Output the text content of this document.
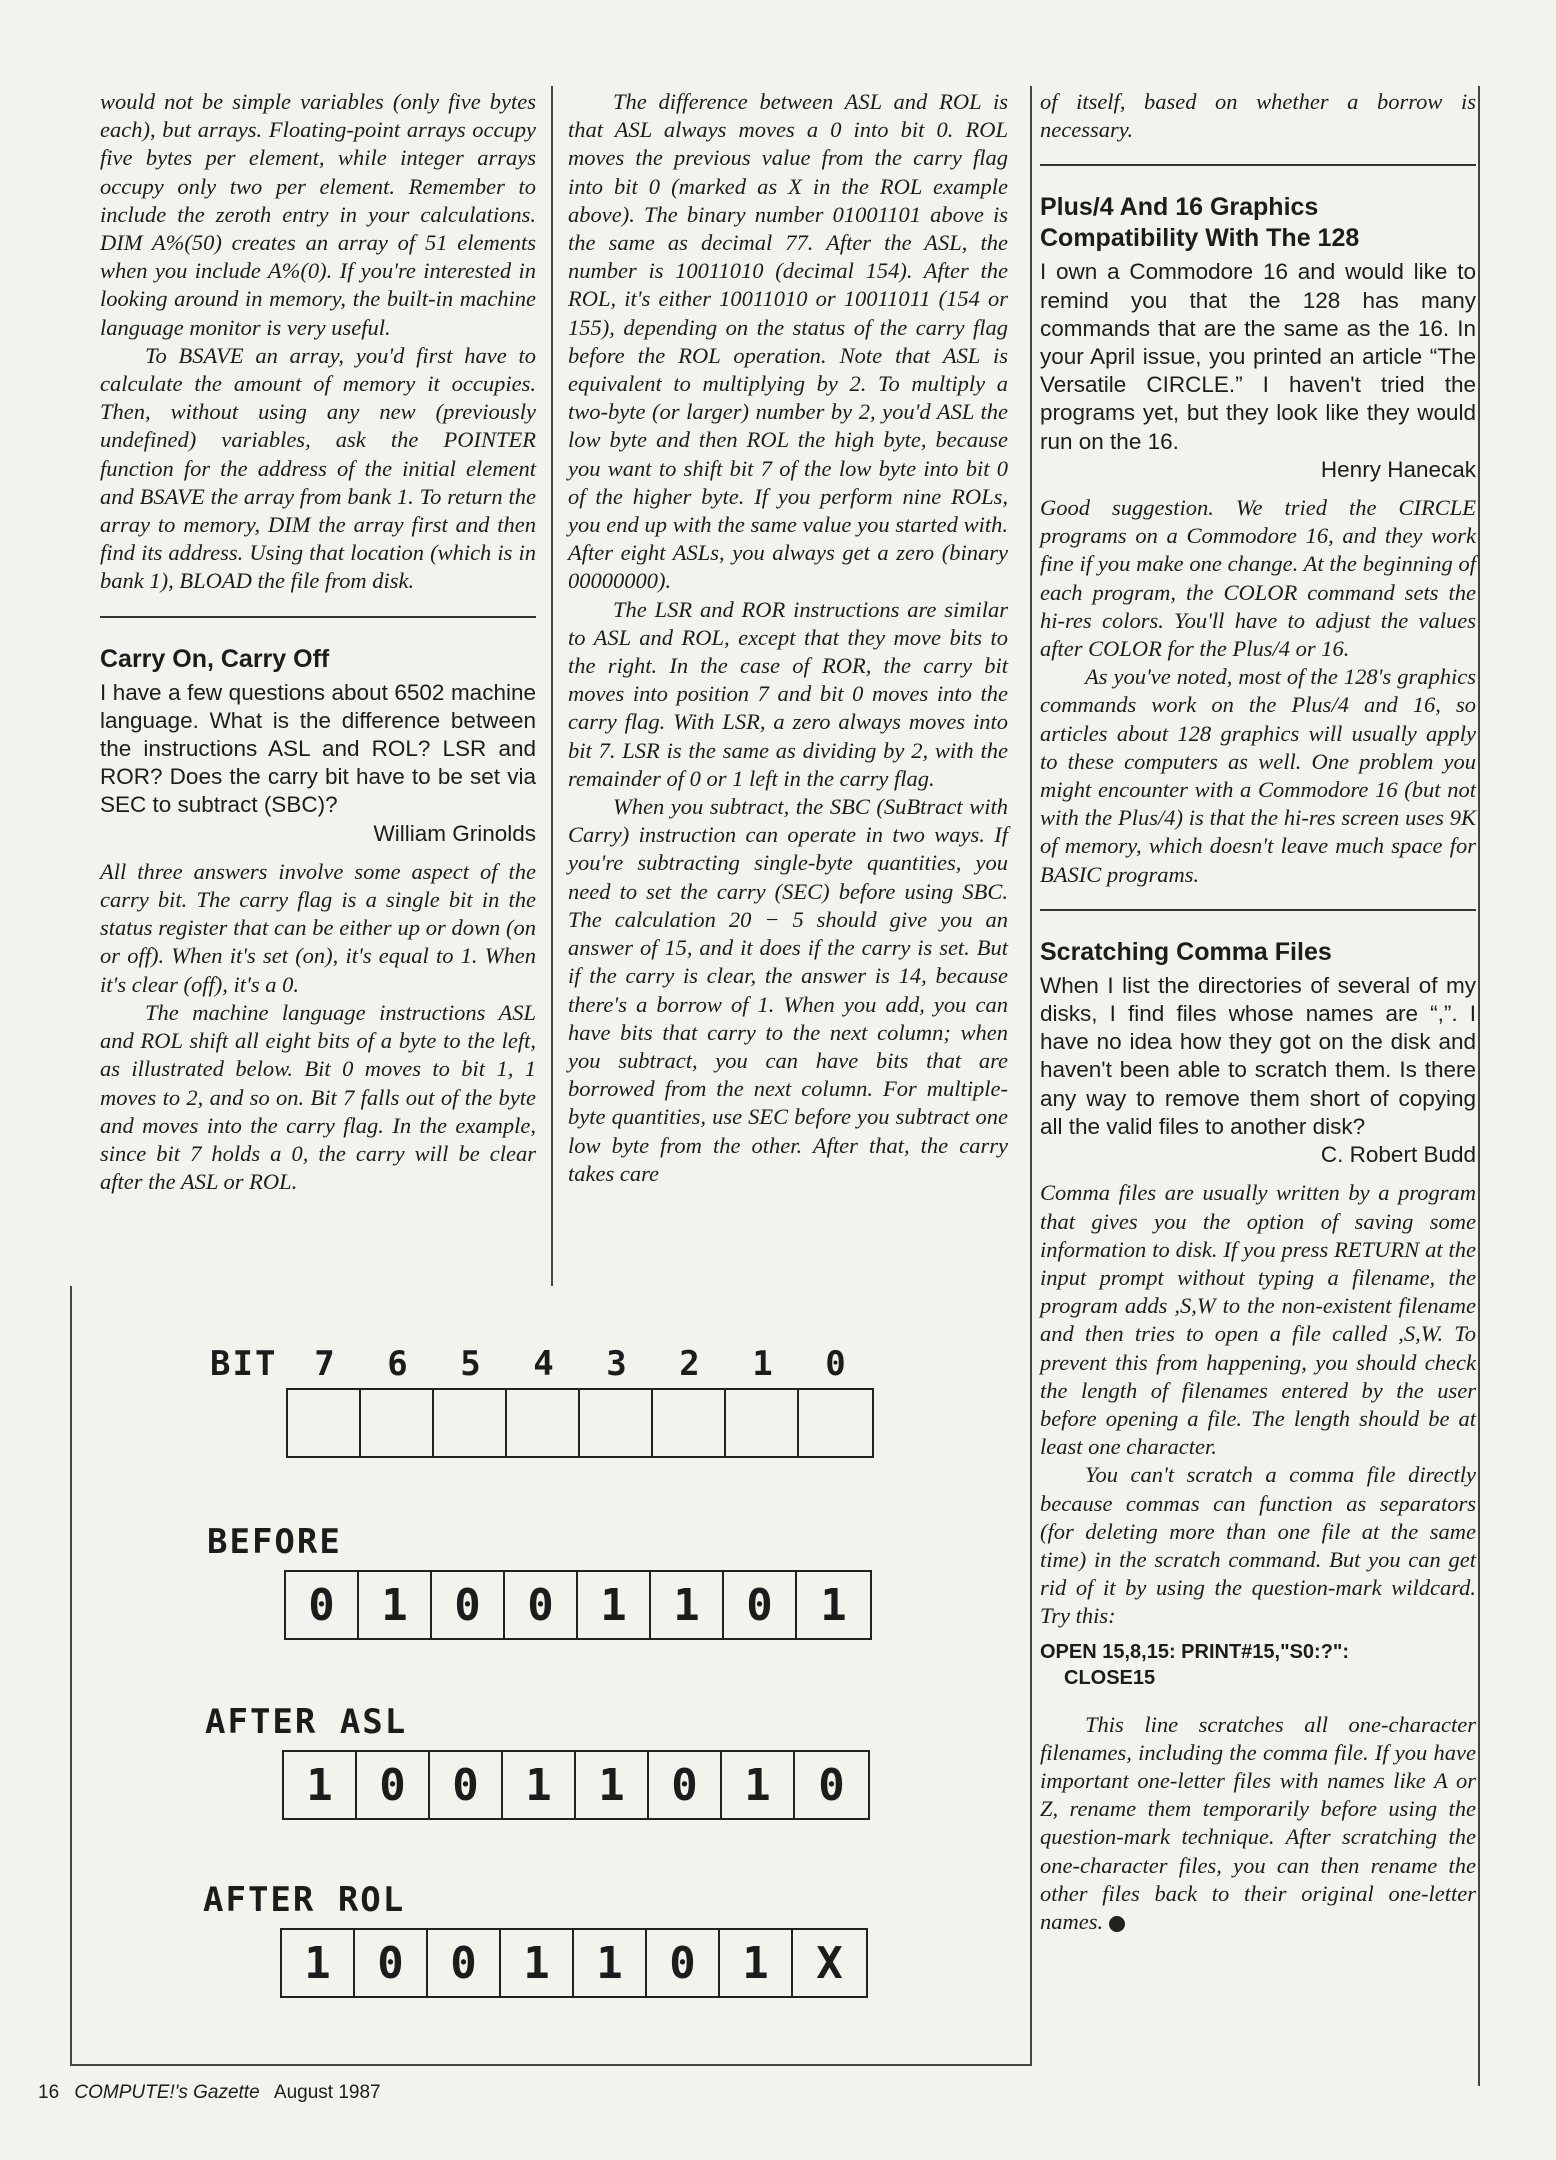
would not be simple variables (only five bytes each), but arrays. Floating-point arrays occupy five bytes per element, while integer arrays occupy only two per element. Remember to include the zeroth entry in your calculations. DIM A%(50) creates an array of 51 elements when you include A%(0). If you're interested in looking around in memory, the built-in machine language monitor is very useful.

To BSAVE an array, you'd first have to calculate the amount of memory it occupies. Then, without using any new (previously undefined) variables, ask the POINTER function for the address of the initial element and BSAVE the array from bank 1. To return the array to memory, DIM the array first and then find its address. Using that location (which is in bank 1), BLOAD the file from disk.

Carry On, Carry Off

I have a few questions about 6502 machine language. What is the difference between the instructions ASL and ROL? LSR and ROR? Does the carry bit have to be set via SEC to subtract (SBC)?

William Grinolds

All three answers involve some aspect of the carry bit. The carry flag is a single bit in the status register that can be either up or down (on or off). When it's set (on), it's equal to 1. When it's clear (off), it's a 0.

The machine language instructions ASL and ROL shift all eight bits of a byte to the left, as illustrated below. Bit 0 moves to bit 1, 1 moves to 2, and so on. Bit 7 falls out of the byte and moves into the carry flag. In the example, since bit 7 holds a 0, the carry will be clear after the ASL or ROL.

The difference between ASL and ROL is that ASL always moves a 0 into bit 0. ROL moves the previous value from the carry flag into bit 0 (marked as X in the ROL example above). The binary number 01001101 above is the same as decimal 77. After the ASL, the number is 10011010 (decimal 154). After the ROL, it's either 10011010 or 10011011 (154 or 155), depending on the status of the carry flag before the ROL operation. Note that ASL is equivalent to multiplying by 2. To multiply a two-byte (or larger) number by 2, you'd ASL the low byte and then ROL the high byte, because you want to shift bit 7 of the low byte into bit 0 of the higher byte. If you perform nine ROLs, you end up with the same value you started with. After eight ASLs, you always get a zero (binary 00000000).

The LSR and ROR instructions are similar to ASL and ROL, except that they move bits to the right. In the case of ROR, the carry bit moves into position 7 and bit 0 moves into the carry flag. With LSR, a zero always moves into bit 7. LSR is the same as dividing by 2, with the remainder of 0 or 1 left in the carry flag.

When you subtract, the SBC (SuBtract with Carry) instruction can operate in two ways. If you're subtracting single-byte quantities, you need to set the carry (SEC) before using SBC. The calculation 20 − 5 should give you an answer of 15, and it does if the carry is set. But if the carry is clear, the answer is 14, because there's a borrow of 1. When you add, you can have bits that carry to the next column; when you subtract, you can have bits that are borrowed from the next column. For multiple-byte quantities, use SEC before you subtract one low byte from the other. After that, the carry takes care

of itself, based on whether a borrow is necessary.

Plus/4 And 16 Graphics Compatibility With The 128

I own a Commodore 16 and would like to remind you that the 128 has many commands that are the same as the 16. In your April issue, you printed an article “The Versatile CIRCLE.” I haven't tried the programs yet, but they look like they would run on the 16.

Henry Hanecak

Good suggestion. We tried the CIRCLE programs on a Commodore 16, and they work fine if you make one change. At the beginning of each program, the COLOR command sets the hi-res colors. You'll have to adjust the values after COLOR for the Plus/4 or 16.

As you've noted, most of the 128's graphics commands work on the Plus/4 and 16, so articles about 128 graphics will usually apply to these computers as well. One problem you might encounter with a Commodore 16 (but not with the Plus/4) is that the hi-res screen uses 9K of memory, which doesn't leave much space for BASIC programs.

Scratching Comma Files

When I list the directories of several of my disks, I find files whose names are “,”. I have no idea how they got on the disk and haven't been able to scratch them. Is there any way to remove them short of copying all the valid files to another disk?

C. Robert Budd

Comma files are usually written by a program that gives you the option of saving some information to disk. If you press RETURN at the input prompt without typing a filename, the program adds ,S,W to the non-existent filename and then tries to open a file called ,S,W. To prevent this from happening, you should check the length of filenames entered by the user before opening a file. The length should be at least one character.

You can't scratch a comma file directly because commas can function as separators (for deleting more than one file at the same time) in the scratch command. But you can get rid of it by using the question-mark wildcard. Try this:

OPEN 15,8,15: PRINT#15,"S0:?":
CLOSE15

This line scratches all one-character filenames, including the comma file. If you have important one-letter files with names like A or Z, rename them temporarily before using the question-mark technique. After scratching the one-character files, you can then rename the other files back to their original one-letter names.

BIT	7	6	5	4	3	2	1	0
BEFORE
0	1	0	0	1	1	0	1
AFTER ASL
1	0	0	1	1	0	1	0
AFTER ROL
1	0	0	1	1	0	1	X
16 COMPUTE!'s Gazette August 1987
